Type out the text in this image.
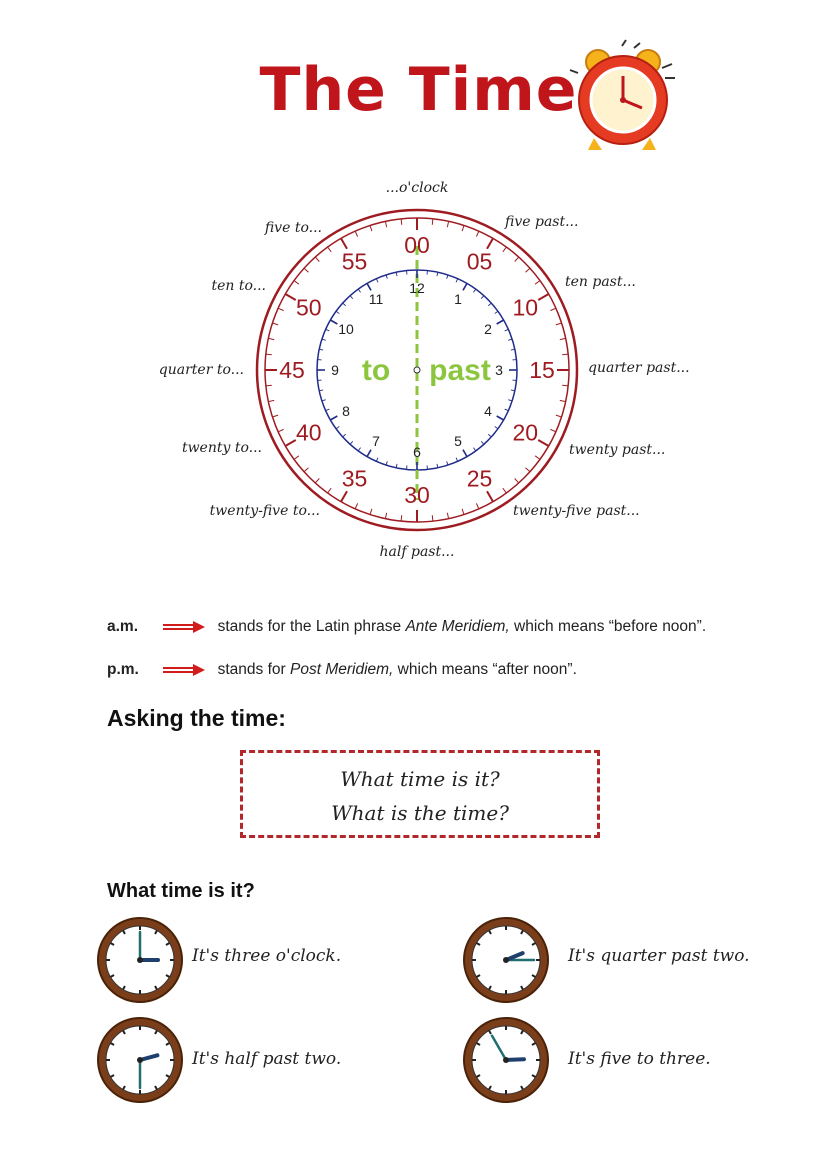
The Time
00
05
10
15
20
25
30
35
40
45
50
55
12
1
2
3
4
5
6
7
8
9
10
11
to past
...o'clock
five past...
ten past...
quarter past...
twenty past...
twenty-five past...
half past...
twenty-five to...
twenty to...
quarter to...
ten to...
five to...
a.m.	stands for the Latin phrase Ante Meridiem, which means “before noon”.
p.m.	stands for Post Meridiem, which means “after noon”.
Asking the time:
What time is it?
What is the time?
What time is it?
It's three o'clock.	It's quarter past two.
It's half past two.	It's five to three.
